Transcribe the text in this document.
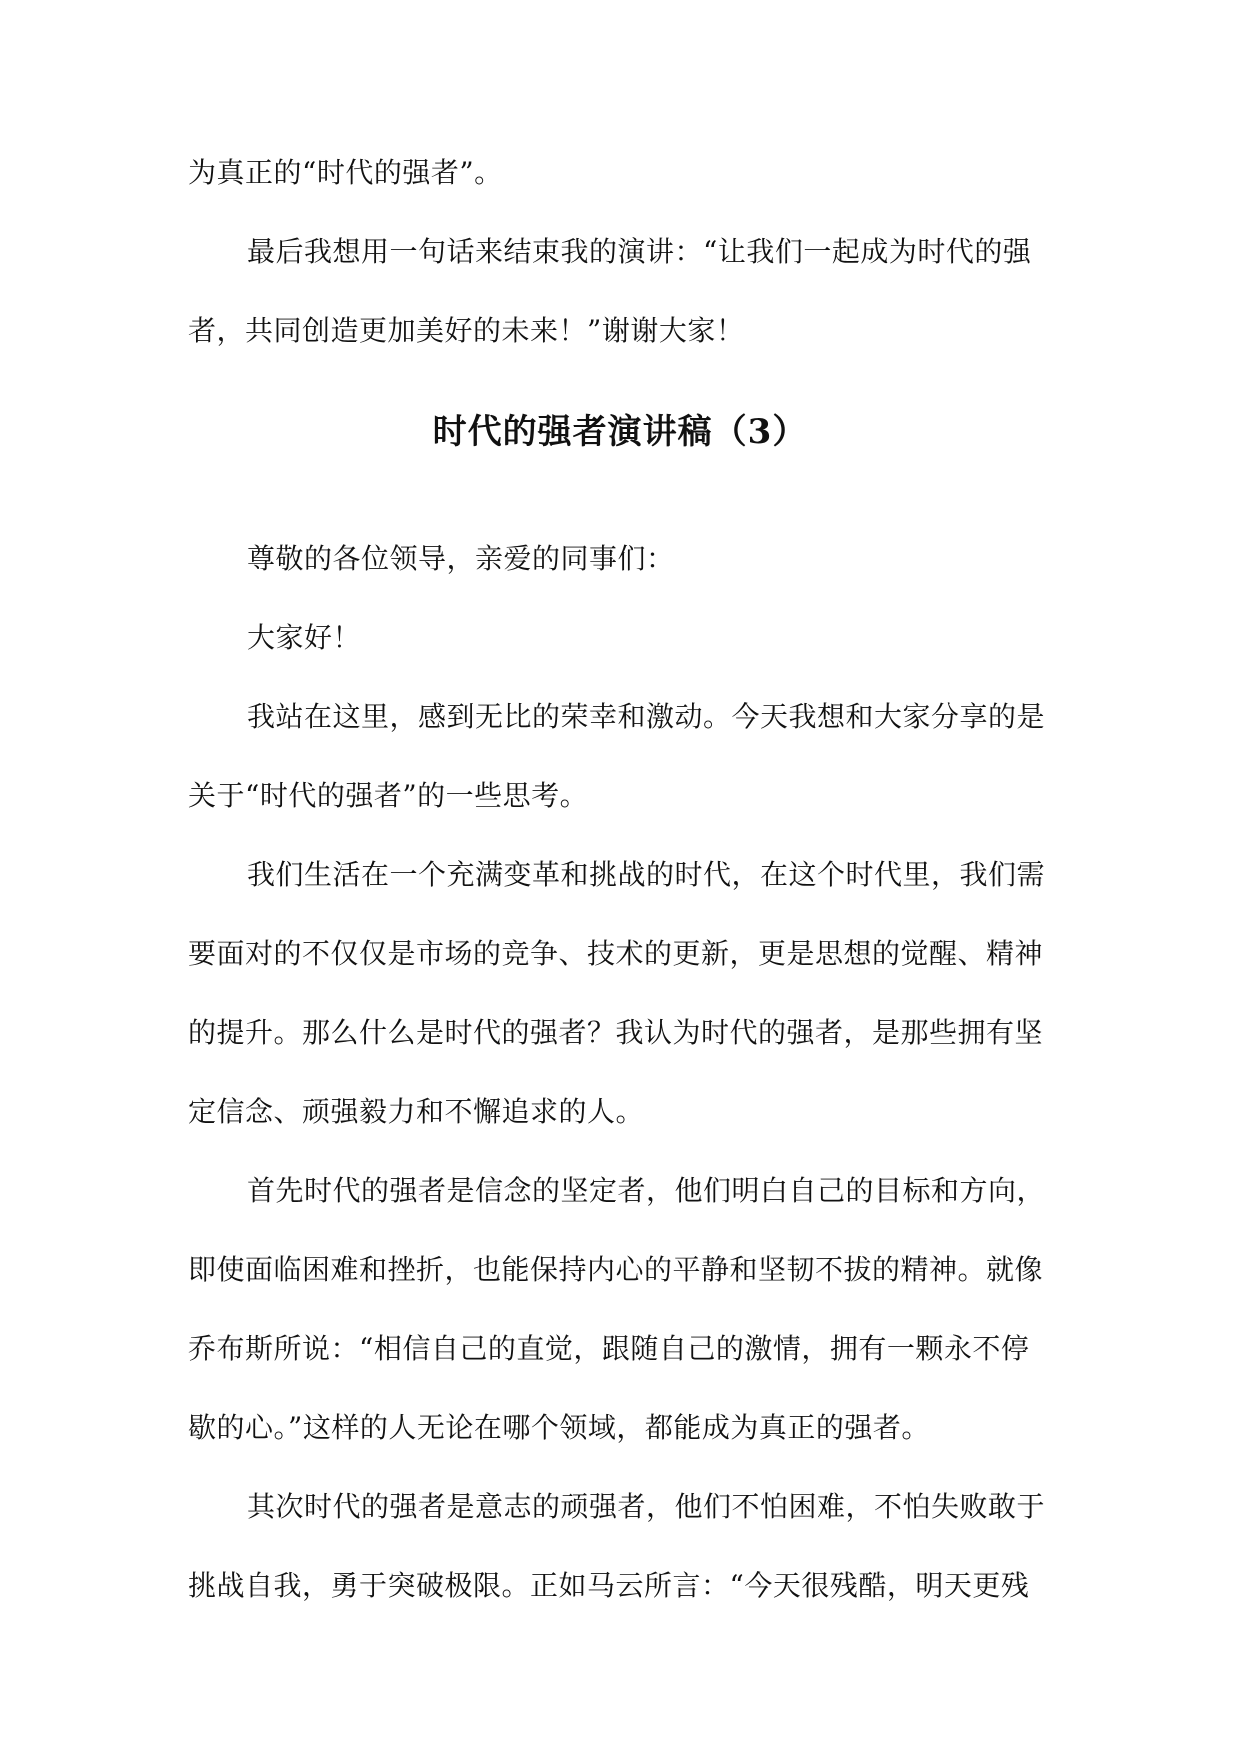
为真正的“时代的强者”。
最后我想用一句话来结束我的演讲：“让我们一起成为时代的强
者，共同创造更加美好的未来！”谢谢大家！
时代的强者演讲稿（3）
尊敬的各位领导，亲爱的同事们：
大家好！
我站在这里，感到无比的荣幸和激动。今天我想和大家分享的是
关于“时代的强者”的一些思考。
我们生活在一个充满变革和挑战的时代，在这个时代里，我们需
要面对的不仅仅是市场的竞争、技术的更新，更是思想的觉醒、精神
的提升。那么什么是时代的强者？我认为时代的强者，是那些拥有坚
定信念、顽强毅力和不懈追求的人。
首先时代的强者是信念的坚定者，他们明白自己的目标和方向，
即使面临困难和挫折，也能保持内心的平静和坚韧不拔的精神。就像
乔布斯所说：“相信自己的直觉，跟随自己的激情，拥有一颗永不停
歇的心。”这样的人无论在哪个领域，都能成为真正的强者。
其次时代的强者是意志的顽强者，他们不怕困难，不怕失败敢于
挑战自我，勇于突破极限。正如马云所言：“今天很残酷，明天更残
